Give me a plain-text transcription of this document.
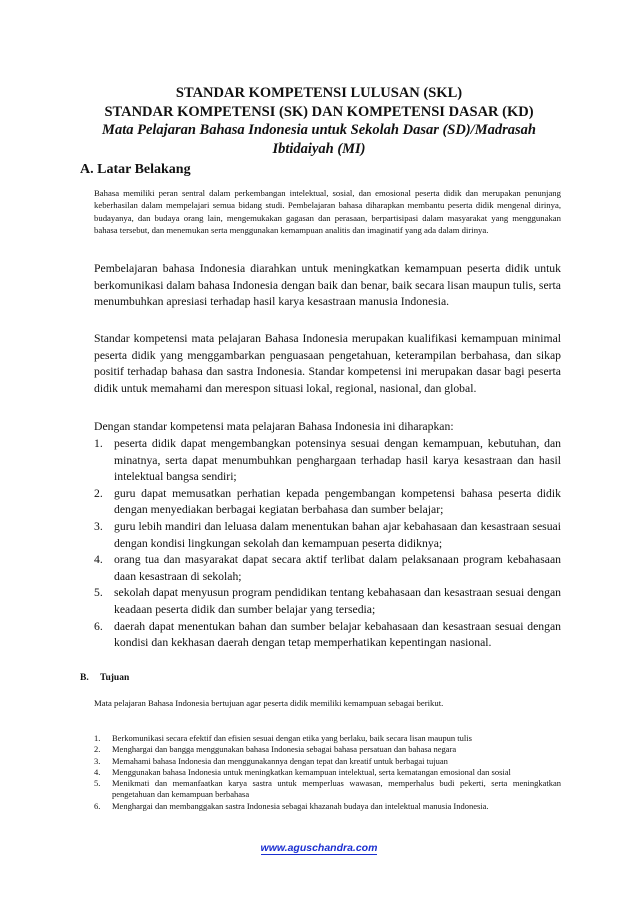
STANDAR KOMPETENSI LULUSAN (SKL)

STANDAR KOMPETENSI (SK) DAN KOMPETENSI DASAR (KD)

Mata Pelajaran Bahasa Indonesia untuk Sekolah Dasar (SD)/Madrasah

Ibtidaiyah (MI)

A. Latar Belakang

Bahasa memiliki peran sentral dalam perkembangan intelektual, sosial, dan emosional peserta didik dan merupakan penunjang keberhasilan dalam mempelajari semua bidang studi. Pembelajaran bahasa diharapkan membantu peserta didik mengenal dirinya, budayanya, dan budaya orang lain, mengemukakan gagasan dan perasaan, berpartisipasi dalam masyarakat yang menggunakan bahasa tersebut, dan menemukan serta menggunakan kemampuan analitis dan imaginatif yang ada dalam dirinya.

Pembelajaran bahasa Indonesia diarahkan untuk meningkatkan kemampuan peserta didik untuk berkomunikasi dalam bahasa Indonesia dengan baik dan benar, baik secara lisan maupun tulis, serta menumbuhkan apresiasi terhadap hasil karya kesastraan manusia Indonesia.

Standar kompetensi mata pelajaran Bahasa Indonesia merupakan kualifikasi kemampuan minimal peserta didik yang menggambarkan penguasaan pengetahuan, keterampilan berbahasa, dan sikap positif terhadap bahasa dan sastra Indonesia. Standar kompetensi ini merupakan dasar bagi peserta didik untuk memahami dan merespon situasi lokal, regional, nasional, dan global.

Dengan standar kompetensi mata pelajaran Bahasa Indonesia ini diharapkan:

1. peserta didik dapat mengembangkan potensinya sesuai dengan kemampuan, kebutuhan, dan minatnya, serta dapat menumbuhkan penghargaan terhadap hasil karya kesastraan dan hasil intelektual bangsa sendiri;
2. guru dapat memusatkan perhatian kepada pengembangan kompetensi bahasa peserta didik dengan menyediakan berbagai kegiatan berbahasa dan sumber belajar;
3. guru lebih mandiri dan leluasa dalam menentukan bahan ajar kebahasaan dan kesastraan sesuai dengan kondisi lingkungan sekolah dan kemampuan peserta didiknya;
4. orang tua dan masyarakat dapat secara aktif terlibat dalam pelaksanaan program kebahasaan daan kesastraan di sekolah;
5. sekolah dapat menyusun program pendidikan tentang kebahasaan dan kesastraan sesuai dengan keadaan peserta didik dan sumber belajar yang tersedia;
6. daerah dapat menentukan bahan dan sumber belajar kebahasaan dan kesastraan sesuai dengan kondisi dan kekhasan daerah dengan tetap memperhatikan kepentingan nasional.

B. Tujuan

Mata pelajaran Bahasa Indonesia bertujuan agar peserta didik memiliki kemampuan sebagai berikut.

1. Berkomunikasi secara efektif dan efisien sesuai dengan etika yang berlaku, baik secara lisan maupun tulis
2. Menghargai dan bangga menggunakan bahasa Indonesia sebagai bahasa persatuan dan bahasa negara
3. Memahami bahasa Indonesia dan menggunakannya dengan tepat dan kreatif untuk berbagai tujuan
4. Menggunakan bahasa Indonesia untuk meningkatkan kemampuan intelektual, serta kematangan emosional dan sosial
5. Menikmati dan memanfaatkan karya sastra untuk memperluas wawasan, memperhalus budi pekerti, serta meningkatkan pengetahuan dan kemampuan berbahasa
6. Menghargai dan membanggakan sastra Indonesia sebagai khazanah budaya dan intelektual manusia Indonesia.

www.aguschandra.com
